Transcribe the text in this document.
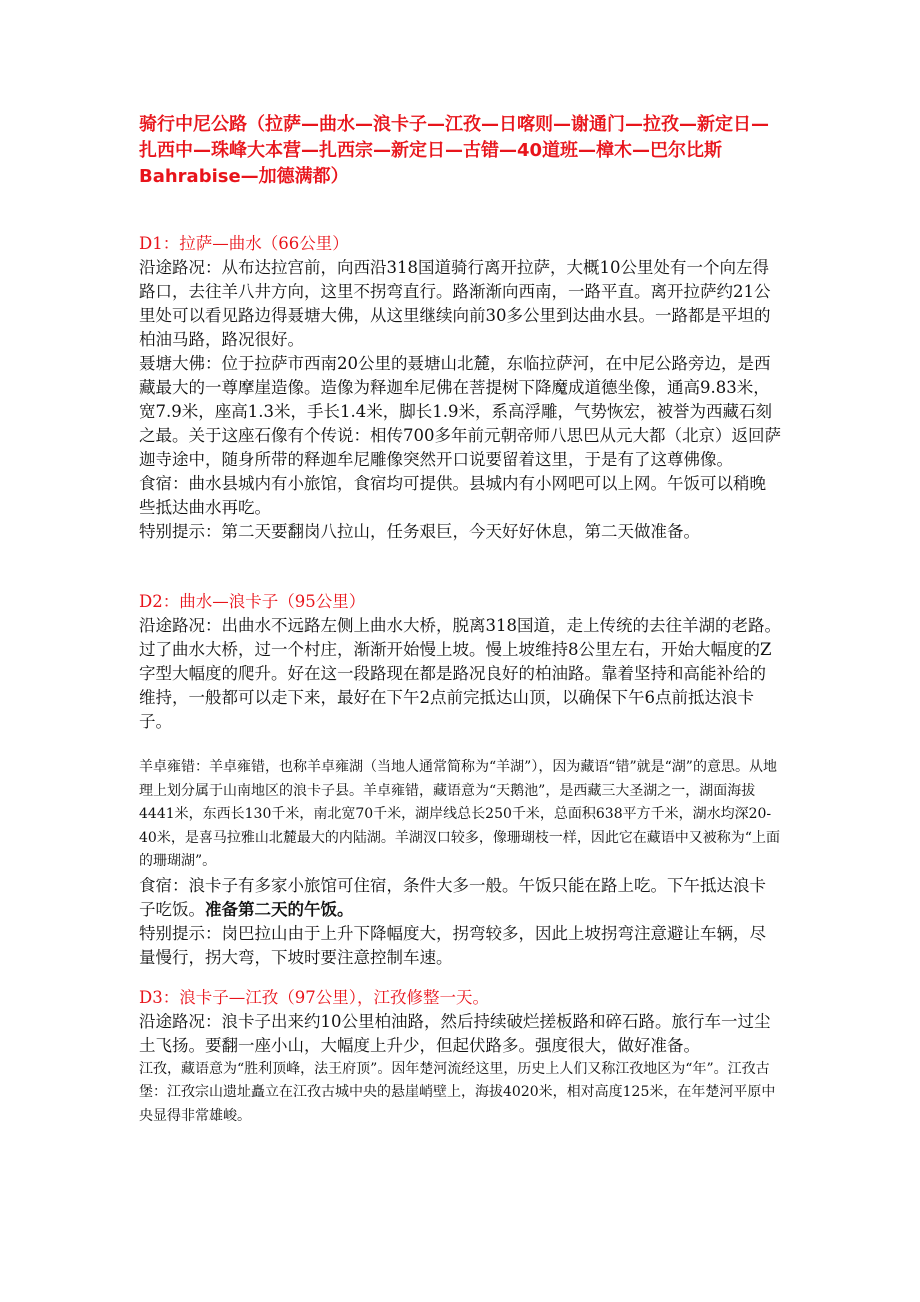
骑行中尼公路（拉萨—曲水—浪卡子—江孜—日喀则—谢通门—拉孜—新定日—扎西中—珠峰大本营—扎西宗—新定日—古错—40道班—樟木—巴尔比斯Bahrabise—加德满都）

D1：拉萨—曲水（66公里）

沿途路况：从布达拉宫前，向西沿318国道骑行离开拉萨，大概10公里处有一个向左得路口，去往羊八井方向，这里不拐弯直行。路渐渐向西南，一路平直。离开拉萨约21公里处可以看见路边得聂塘大佛，从这里继续向前30多公里到达曲水县。一路都是平坦的柏油马路，路况很好。

聂塘大佛：位于拉萨市西南20公里的聂塘山北麓，东临拉萨河，在中尼公路旁边，是西藏最大的一尊摩崖造像。造像为释迦牟尼佛在菩提树下降魔成道德坐像，通高9.83米，宽7.9米，座高1.3米，手长1.4米，脚长1.9米，系高浮雕，气势恢宏，被誉为西藏石刻之最。关于这座石像有个传说：相传700多年前元朝帝师八思巴从元大都（北京）返回萨迦寺途中，随身所带的释迦牟尼雕像突然开口说要留着这里，于是有了这尊佛像。

食宿：曲水县城内有小旅馆，食宿均可提供。县城内有小网吧可以上网。午饭可以稍晚些抵达曲水再吃。

特别提示：第二天要翻岗八拉山，任务艰巨，今天好好休息，第二天做准备。

D2：曲水—浪卡子（95公里）

沿途路况：出曲水不远路左侧上曲水大桥，脱离318国道，走上传统的去往羊湖的老路。过了曲水大桥，过一个村庄，渐渐开始慢上坡。慢上坡维持8公里左右，开始大幅度的Z字型大幅度的爬升。好在这一段路现在都是路况良好的柏油路。靠着坚持和高能补给的维持，一般都可以走下来，最好在下午2点前完抵达山顶，以确保下午6点前抵达浪卡子。

羊卓雍错：羊卓雍错，也称羊卓雍湖（当地人通常简称为“羊湖”），因为藏语“错”就是“湖”的意思。从地理上划分属于山南地区的浪卡子县。羊卓雍错，藏语意为“天鹅池”，是西藏三大圣湖之一，湖面海拔4441米，东西长130千米，南北宽70千米，湖岸线总长250千米，总面积638平方千米，湖水均深20-40米，是喜马拉雅山北麓最大的内陆湖。羊湖汊口较多，像珊瑚枝一样，因此它在藏语中又被称为“上面的珊瑚湖”。

食宿：浪卡子有多家小旅馆可住宿，条件大多一般。午饭只能在路上吃。下午抵达浪卡子吃饭。准备第二天的午饭。

特别提示：岗巴拉山由于上升下降幅度大，拐弯较多，因此上坡拐弯注意避让车辆，尽量慢行，拐大弯，下坡时要注意控制车速。

D3：浪卡子—江孜（97公里），江孜修整一天。

沿途路况：浪卡子出来约10公里柏油路，然后持续破烂搓板路和碎石路。旅行车一过尘土飞扬。要翻一座小山，大幅度上升少，但起伏路多。强度很大，做好准备。

江孜，藏语意为“胜利顶峰，法王府顶”。因年楚河流经这里，历史上人们又称江孜地区为“年”。江孜古堡：江孜宗山遗址矗立在江孜古城中央的悬崖峭壁上，海拔4020米，相对高度125米，在年楚河平原中央显得非常雄峻。
